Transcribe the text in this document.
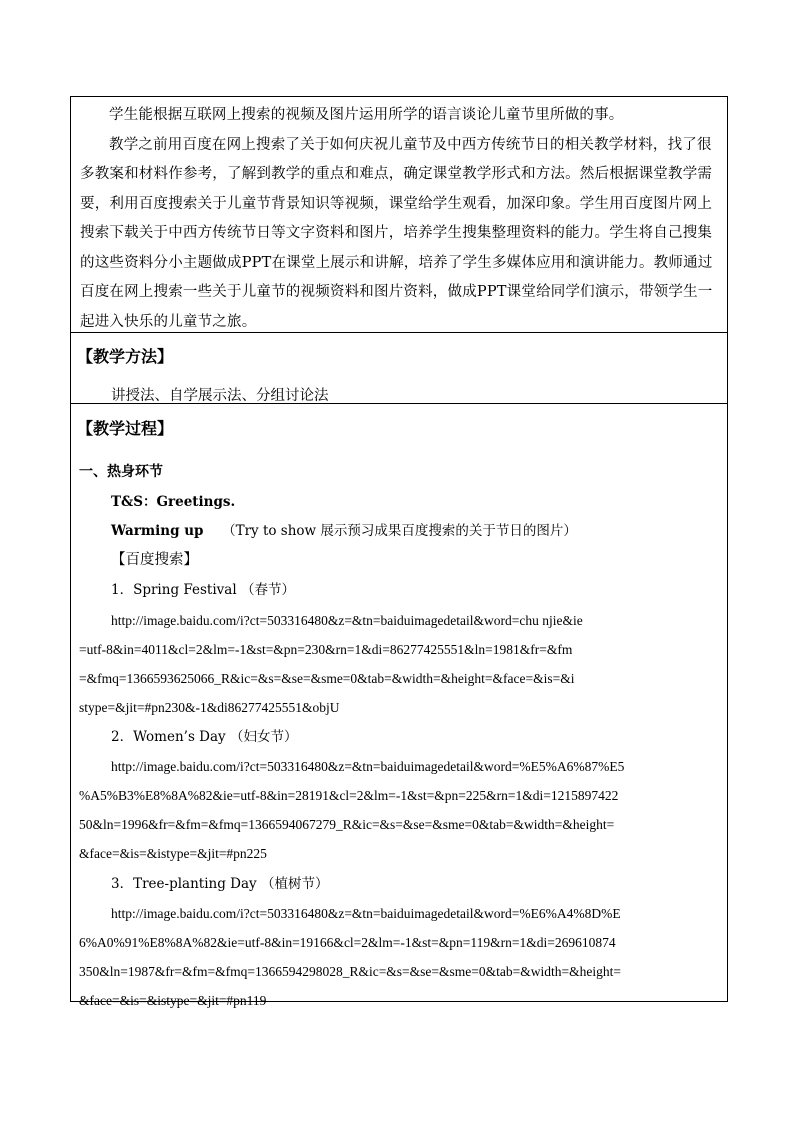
学生能根据互联网上搜索的视频及图片运用所学的语言谈论儿童节里所做的事。

教学之前用百度在网上搜索了关于如何庆祝儿童节及中西方传统节日的相关教学材料，找了很多教案和材料作参考，了解到教学的重点和难点，确定课堂教学形式和方法。然后根据课堂教学需要，利用百度搜索关于儿童节背景知识等视频，课堂给学生观看，加深印象。学生用百度图片网上搜索下载关于中西方传统节日等文字资料和图片，培养学生搜集整理资料的能力。学生将自己搜集的这些资料分小主题做成PPT在课堂上展示和讲解，培养了学生多媒体应用和演讲能力。教师通过百度在网上搜索一些关于儿童节的视频资料和图片资料，做成PPT课堂给同学们演示，带领学生一起进入快乐的儿童节之旅。

【教学方法】
讲授法、自学展示法、分组讨论法
【教学过程】
一、热身环节
T&S：Greetings.
Warming up （Try to show 展示预习成果百度搜索的关于节日的图片）
【百度搜索】
1．Spring Festival （春节）
http://image.baidu.com/i?ct=503316480&z=&tn=baiduimagedetail&word=chu njie&ie
=utf-8&in=4011&cl=2&lm=-1&st=&pn=230&rn=1&di=86277425551&ln=1981&fr=&fm
=&fmq=1366593625066_R&ic=&s=&se=&sme=0&tab=&width=&height=&face=&is=&i
stype=&jit=#pn230&-1&di86277425551&objU
2．Women’s Day （妇女节）
http://image.baidu.com/i?ct=503316480&z=&tn=baiduimagedetail&word=%E5%A6%87%E5
%A5%B3%E8%8A%82&ie=utf-8&in=28191&cl=2&lm=-1&st=&pn=225&rn=1&di=1215897422
50&ln=1996&fr=&fm=&fmq=1366594067279_R&ic=&s=&se=&sme=0&tab=&width=&height=
&face=&is=&istype=&jit=#pn225
3．Tree-planting Day （植树节）
http://image.baidu.com/i?ct=503316480&z=&tn=baiduimagedetail&word=%E6%A4%8D%E
6%A0%91%E8%8A%82&ie=utf-8&in=19166&cl=2&lm=-1&st=&pn=119&rn=1&di=269610874
350&ln=1987&fr=&fm=&fmq=1366594298028_R&ic=&s=&se=&sme=0&tab=&width=&height=
&face=&is=&istype=&jit=#pn119
